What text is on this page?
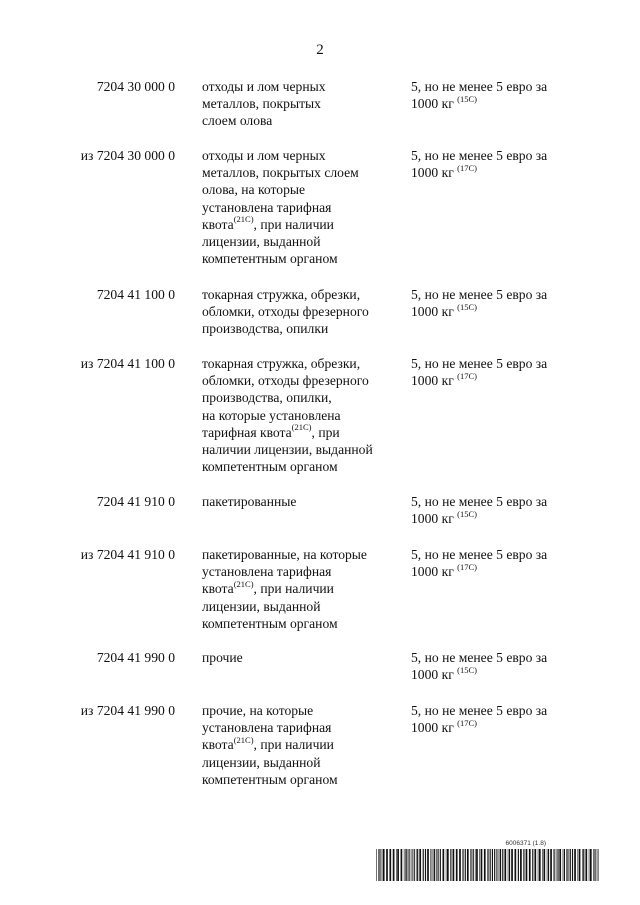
2
7204 30 000 0 отходы и лом черных
металлов, покрытых
слоем олова
5, но не менее 5 евро за
1000 кг $^{(15С)}$
из 7204 30 000 0 отходы и лом черных
металлов, покрытых слоем
олова, на которые
установлена тарифная
квота$^{(21С)}$, при наличии
лицензии, выданной
компетентным органом
5, но не менее 5 евро за
1000 кг $^{(17С)}$
7204 41 100 0 токарная стружка, обрезки,
обломки, отходы фрезерного
производства, опилки
5, но не менее 5 евро за
1000 кг $^{(15С)}$
из 7204 41 100 0 токарная стружка, обрезки,
обломки, отходы фрезерного
производства, опилки,
на которые установлена
тарифная квота$^{(21С)}$, при
наличии лицензии, выданной
компетентным органом
5, но не менее 5 евро за
1000 кг $^{(17С)}$
7204 41 910 0 пакетированные	5, но не менее 5 евро за
1000 кг $^{(15С)}$
из 7204 41 910 0 пакетированные, на которые
установлена тарифная
квота$^{(21С)}$, при наличии
лицензии, выданной
компетентным органом
5, но не менее 5 евро за
1000 кг $^{(17С)}$
7204 41 990 0 прочие	5, но не менее 5 евро за
1000 кг $^{(15С)}$
из 7204 41 990 0 прочие, на которые
установлена тарифная
квота$^{(21С)}$, при наличии
лицензии, выданной
компетентным органом
5, но не менее 5 евро за
1000 кг $^{(17С)}$
6006371 (1.8)
